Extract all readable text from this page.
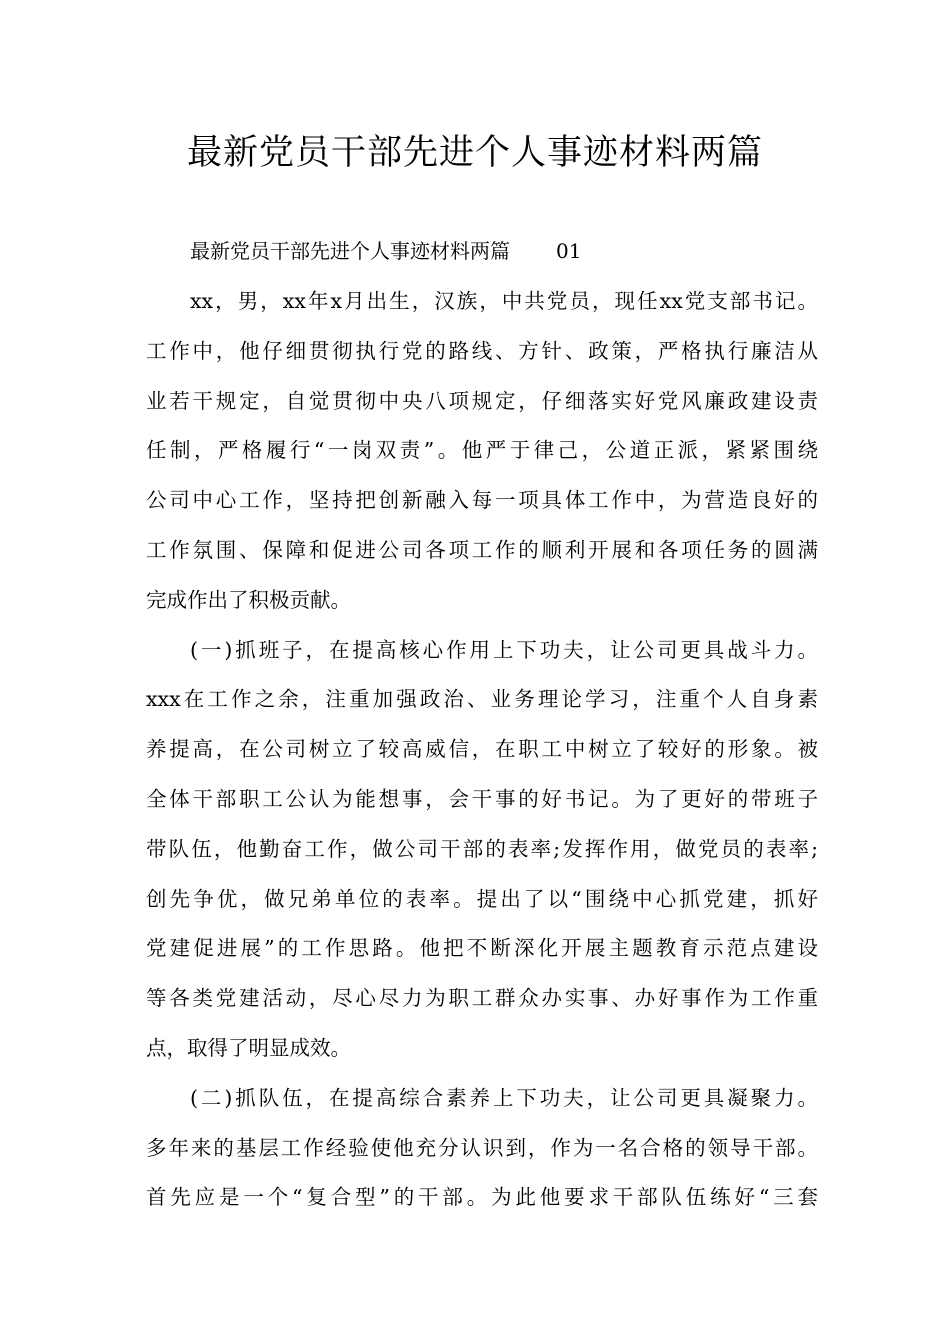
最新党员干部先进个人事迹材料两篇
最新党员干部先进个人事迹材料两篇 01
xx，男，xx年x月出生，汉族，中共党员，现任xx党支部书记。
工作中，他仔细贯彻执行党的路线、方针、政策，严格执行廉洁从
业若干规定，自觉贯彻中央八项规定，仔细落实好党风廉政建设责
任制，严格履行“一岗双责”。他严于律己，公道正派，紧紧围绕
公司中心工作，坚持把创新融入每一项具体工作中，为营造良好的
工作氛围、保障和促进公司各项工作的顺利开展和各项任务的圆满
完成作出了积极贡献。
(一)抓班子，在提高核心作用上下功夫，让公司更具战斗力。
xxx在工作之余，注重加强政治、业务理论学习，注重个人自身素
养提高，在公司树立了较高威信，在职工中树立了较好的形象。被
全体干部职工公认为能想事，会干事的好书记。为了更好的带班子
带队伍，他勤奋工作，做公司干部的表率;发挥作用，做党员的表率;
创先争优，做兄弟单位的表率。提出了以“围绕中心抓党建，抓好
党建促进展”的工作思路。他把不断深化开展主题教育示范点建设
等各类党建活动，尽心尽力为职工群众办实事、办好事作为工作重
点，取得了明显成效。
(二)抓队伍，在提高综合素养上下功夫，让公司更具凝聚力。
多年来的基层工作经验使他充分认识到，作为一名合格的领导干部。
首先应是一个“复合型”的干部。为此他要求干部队伍练好“三套
